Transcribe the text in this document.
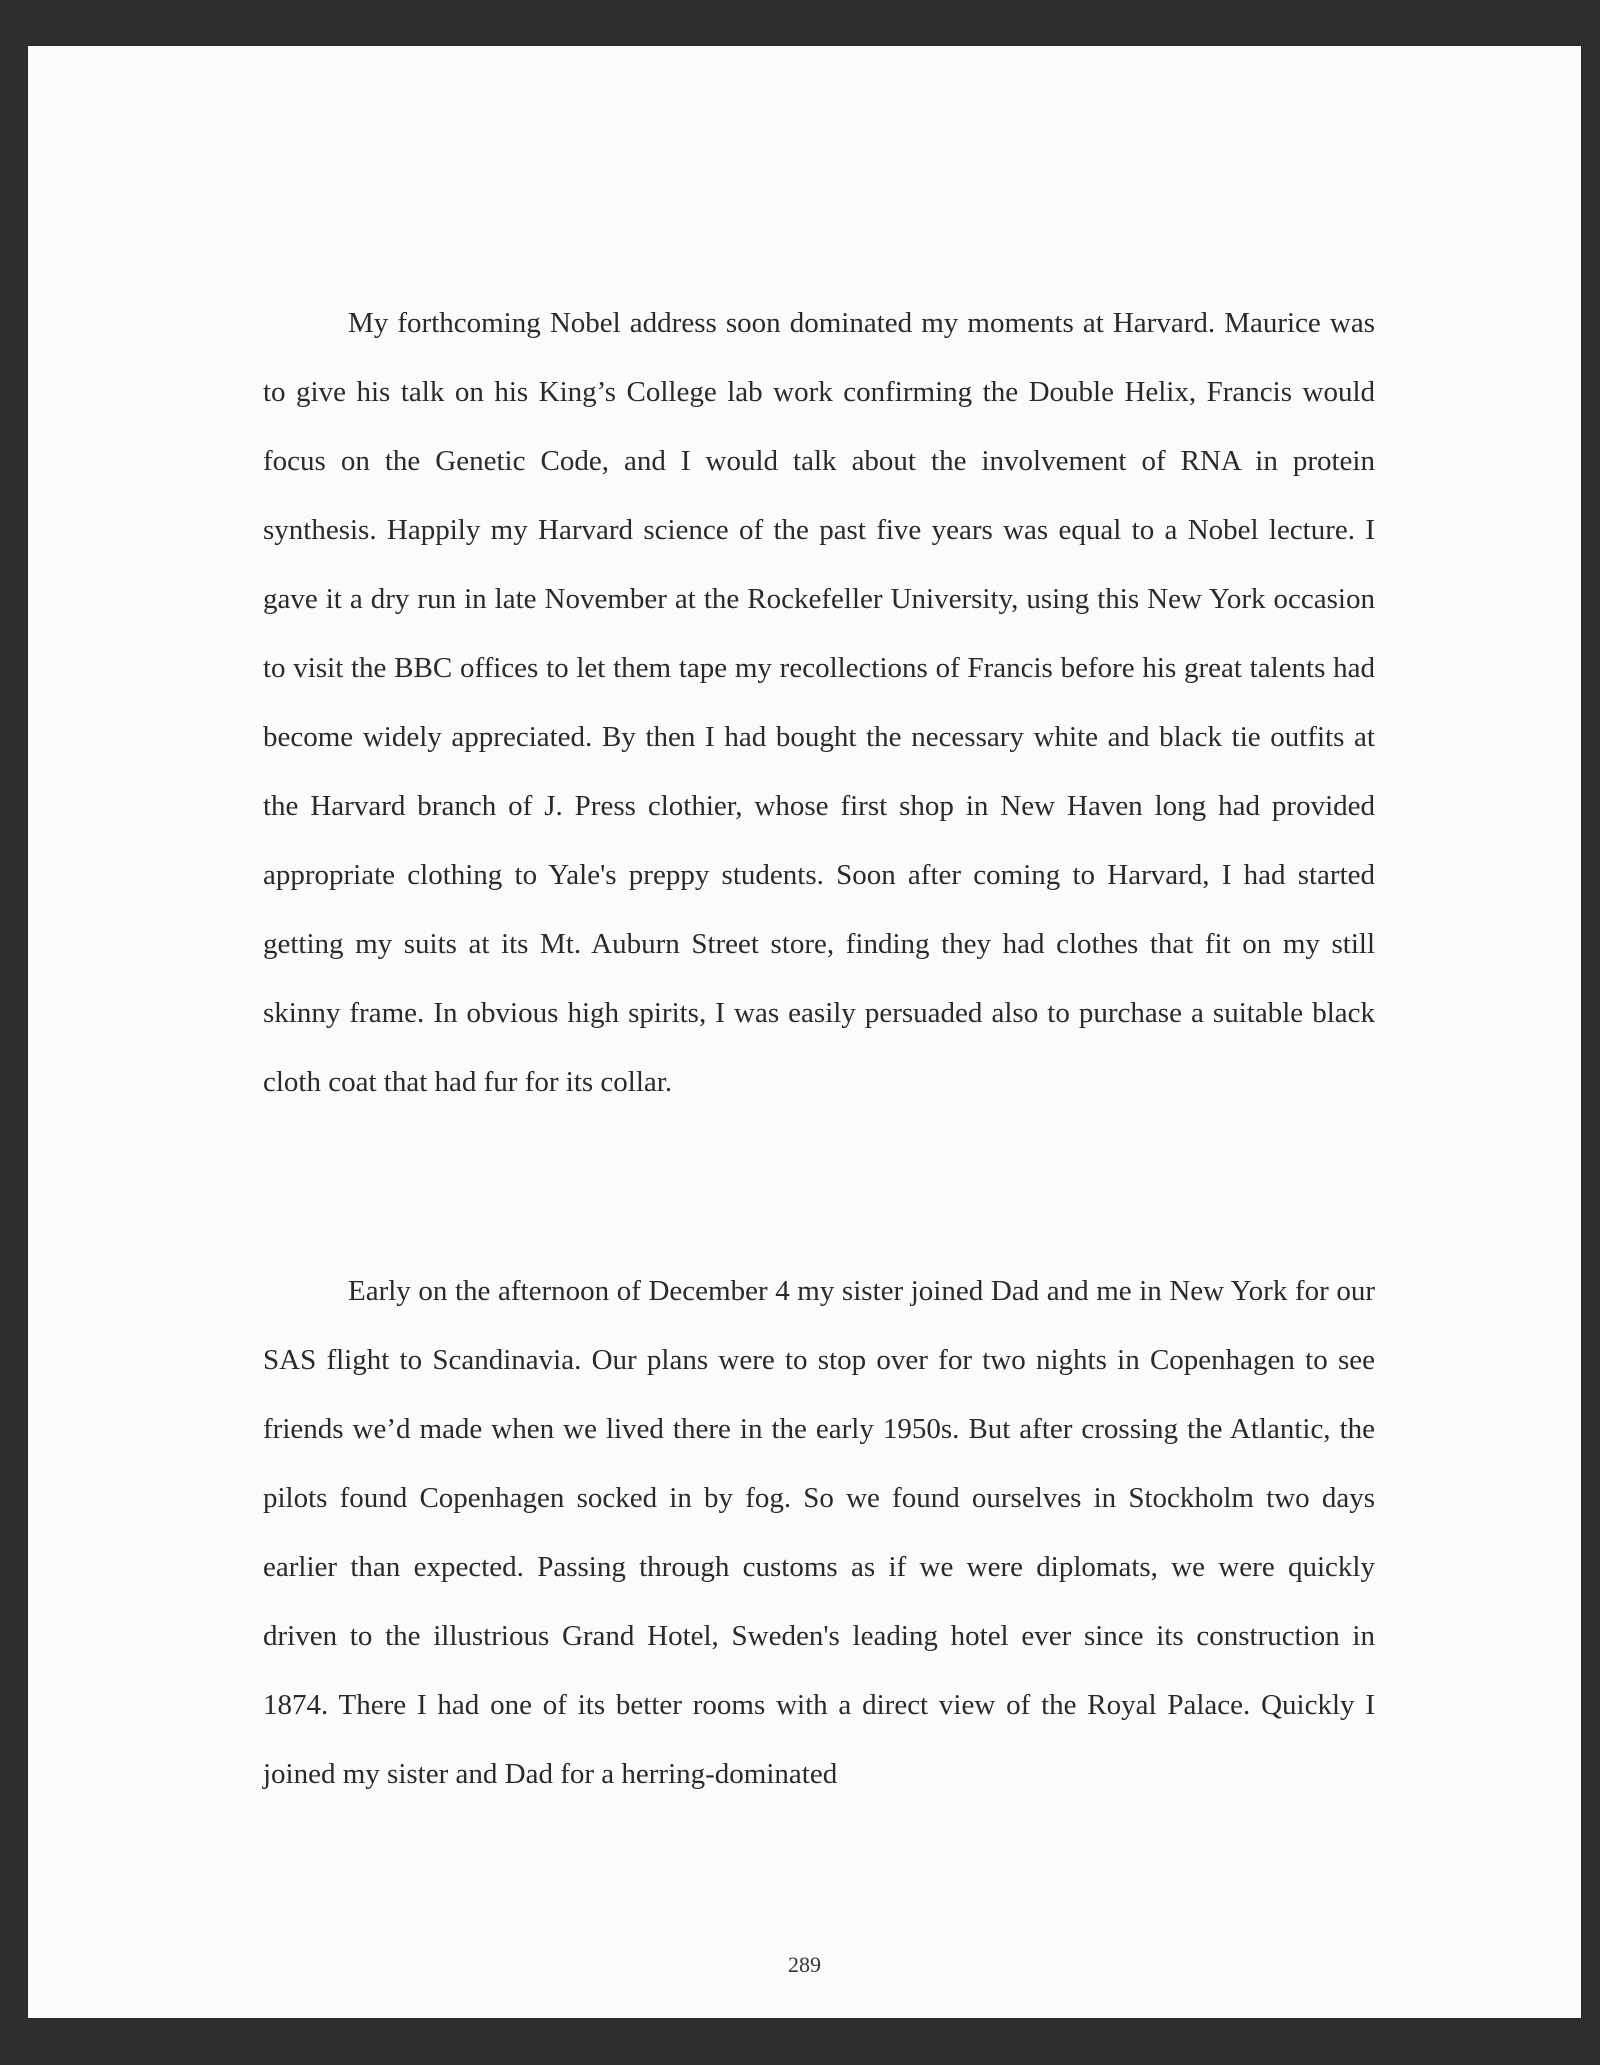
My forthcoming Nobel address soon dominated my moments at Harvard. Maurice was to give his talk on his King’s College lab work confirming the Double Helix, Francis would focus on the Genetic Code, and I would talk about the involvement of RNA in protein synthesis. Happily my Harvard science of the past five years was equal to a Nobel lecture. I gave it a dry run in late November at the Rockefeller University, using this New York occasion to visit the BBC offices to let them tape my recollections of Francis before his great talents had become widely appreciated. By then I had bought the necessary white and black tie outfits at the Harvard branch of J. Press clothier, whose first shop in New Haven long had provided appropriate clothing to Yale's preppy students. Soon after coming to Harvard, I had started getting my suits at its Mt. Auburn Street store, finding they had clothes that fit on my still skinny frame. In obvious high spirits, I was easily persuaded also to purchase a suitable black cloth coat that had fur for its collar.

Early on the afternoon of December 4 my sister joined Dad and me in New York for our SAS flight to Scandinavia. Our plans were to stop over for two nights in Copenhagen to see friends we’d made when we lived there in the early 1950s. But after crossing the Atlantic, the pilots found Copenhagen socked in by fog. So we found ourselves in Stockholm two days earlier than expected. Passing through customs as if we were diplomats, we were quickly driven to the illustrious Grand Hotel, Sweden's leading hotel ever since its construction in 1874. There I had one of its better rooms with a direct view of the Royal Palace. Quickly I joined my sister and Dad for a herring-dominated

289
